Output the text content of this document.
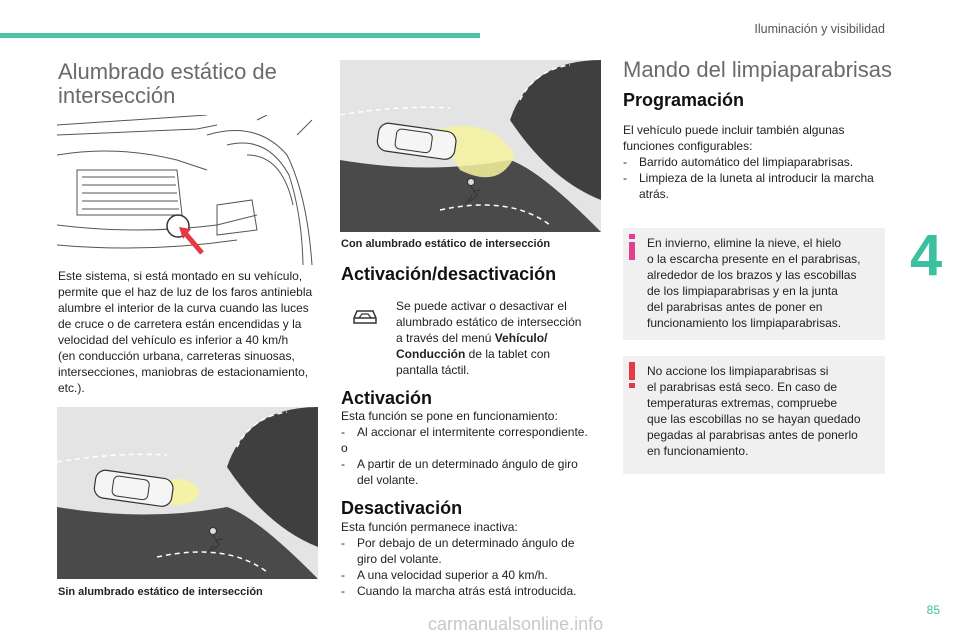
Iluminación y visibilidad
4
Alumbrado estático de
intersección
Este sistema, si está montado en su vehículo,
permite que el haz de luz de los faros antiniebla
alumbre el interior de la curva cuando las luces
de cruce o de carretera están encendidas y la
velocidad del vehículo es inferior a 40 km/h
(en conducción urbana, carreteras sinuosas,
intersecciones, maniobras de estacionamiento,
etc.).
Sin alumbrado estático de intersección
Con alumbrado estático de intersección
Activación/desactivación
Se puede activar o desactivar el
alumbrado estático de intersección
a través del menú Vehículo/
Conducción de la tablet con
pantalla táctil.
Activación
Esta función se pone en funcionamiento:
- Al accionar el intermitente correspondiente.
o
- A partir de un determinado ángulo de giro
del volante.
Desactivación
Esta función permanece inactiva:
- Por debajo de un determinado ángulo de
giro del volante.
- A una velocidad superior a 40 km/h.
- Cuando la marcha atrás está introducida.
Mando del limpiaparabrisas
Programación
El vehículo puede incluir también algunas
funciones configurables:
- Barrido automático del limpiaparabrisas.
- Limpieza de la luneta al introducir la marcha
atrás.
En invierno, elimine la nieve, el hielo
o la escarcha presente en el parabrisas,
alrededor de los brazos y las escobillas
de los limpiaparabrisas y en la junta
del parabrisas antes de poner en
funcionamiento los limpiaparabrisas.
No accione los limpiaparabrisas si
el parabrisas está seco. En caso de
temperaturas extremas, compruebe
que las escobillas no se hayan quedado
pegadas al parabrisas antes de ponerlo
en funcionamiento.
85
carmanualsonline.info
